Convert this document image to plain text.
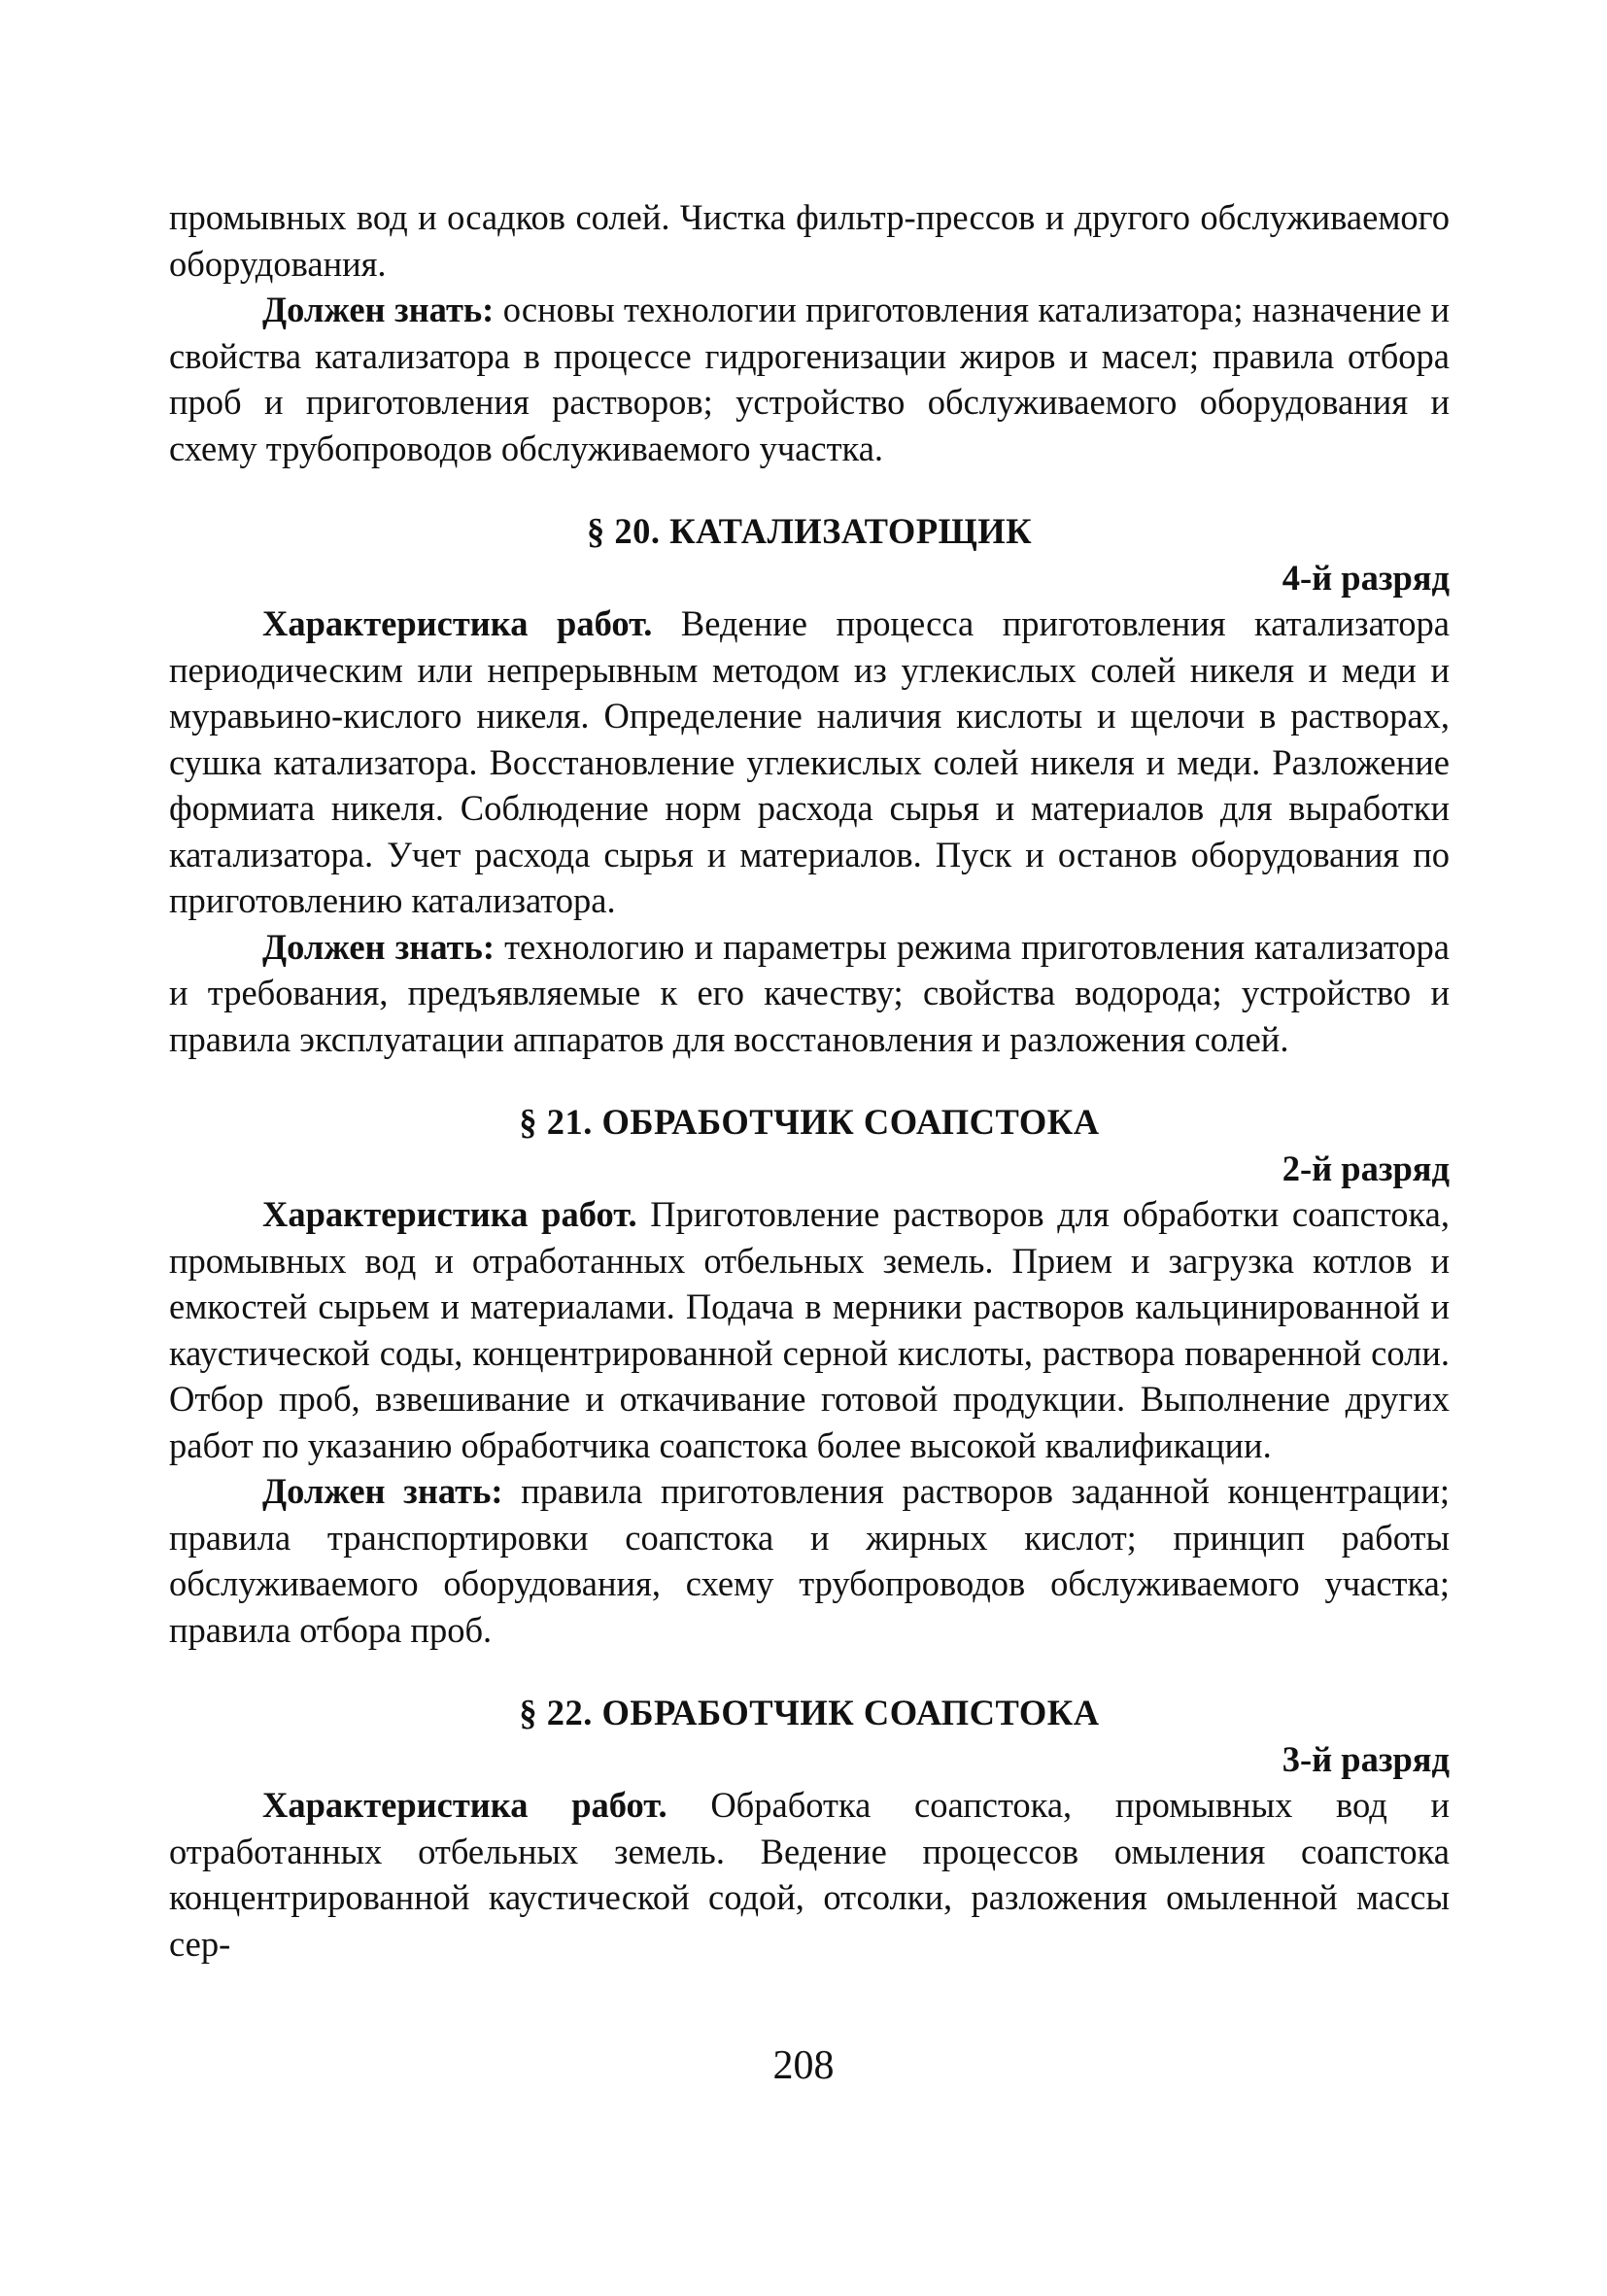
промывных вод и осадков солей. Чистка фильтр-прессов и другого обслуживаемого оборудования.

Должен знать: основы технологии приготовления катализатора; назначение и свойства катализатора в процессе гидрогенизации жиров и масел; правила отбора проб и приготовления растворов; устройство обслуживаемого оборудования и схему трубопроводов обслуживаемого участка.

§ 20. КАТАЛИЗАТОРЩИК

4-й разряд

Характеристика работ. Ведение процесса приготовления катализатора периодическим или непрерывным методом из углекислых солей никеля и меди и муравьино-кислого никеля. Определение наличия кислоты и щелочи в растворах, сушка катализатора. Восстановление углекислых солей никеля и меди. Разложение формиата никеля. Соблюдение норм расхода сырья и материалов для выработки катализатора. Учет расхода сырья и материалов. Пуск и останов оборудования по приготовлению катализатора.

Должен знать: технологию и параметры режима приготовления катализатора и требования, предъявляемые к его качеству; свойства водорода; устройство и правила эксплуатации аппаратов для восстановления и разложения солей.

§ 21. ОБРАБОТЧИК СОАПСТОКА

2-й разряд

Характеристика работ. Приготовление растворов для обработки соапстока, промывных вод и отработанных отбельных земель. Прием и загрузка котлов и емкостей сырьем и материалами. Подача в мерники растворов кальцинированной и каустической соды, концентрированной серной кислоты, раствора поваренной соли. Отбор проб, взвешивание и откачивание готовой продукции. Выполнение других работ по указанию обработчика соапстока более высокой квалификации.

Должен знать: правила приготовления растворов заданной концентрации; правила транспортировки соапстока и жирных кислот; принцип работы обслуживаемого оборудования, схему трубопроводов обслуживаемого участка; правила отбора проб.

§ 22. ОБРАБОТЧИК СОАПСТОКА

3-й разряд

Характеристика работ. Обработка соапстока, промывных вод и отработанных отбельных земель. Ведение процессов омыления соапстока концентрированной каустической содой, отсолки, разложения омыленной массы сер-

208
